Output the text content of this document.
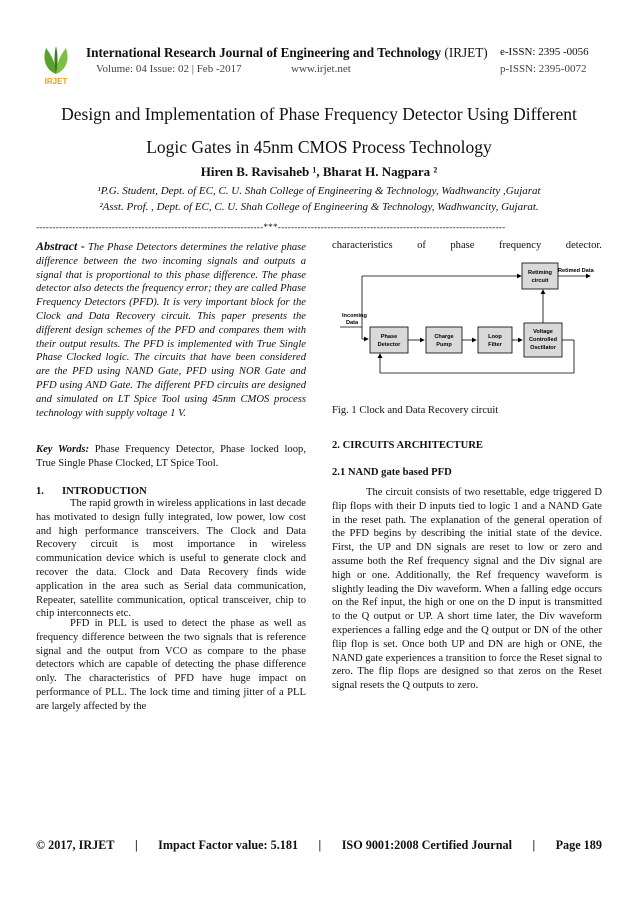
IRJET
International Research Journal of Engineering and Technology (IRJET) e-ISSN: 2395 -0056
Volume: 04 Issue: 02 | Feb -2017	www.irjet.net	p-ISSN: 2395-0072
Design and Implementation of Phase Frequency Detector Using Different
Logic Gates in 45nm CMOS Process Technology
Hiren B. Ravisaheb ¹, Bharat H. Nagpara ²
¹P.G. Student, Dept. of EC, C. U. Shah College of Engineering & Technology, Wadhwancity ,Gujarat
²Asst. Prof. , Dept. of EC, C. U. Shah College of Engineering & Technology, Wadhwancity, Gujarat.
---------------------------------------------------------------------***---------------------------------------------------------------------
Abstract - The Phase Detectors determines the relative phase difference between the two incoming signals and outputs a signal that is proportional to this phase difference. The phase detector also detects the frequency error; they are called Phase Frequency Detectors (PFD). It is very important block for the Clock and Data Recovery circuit. This paper presents the different design schemes of the PFD and compares them with their output results. The PFD is implemented with True Single Phase Clocked logic. The circuits that have been considered are the PFD using NAND Gate, PFD using NOR Gate and PFD using AND Gate. The different PFD circuits are designed and simulated on LT Spice Tool using 45nm CMOS process technology with supply voltage 1 V.
Key Words: Phase Frequency Detector, Phase locked loop, True Single Phase Clocked, LT Spice Tool.
1. INTRODUCTION
The rapid growth in wireless applications in last decade has motivated to design fully integrated, low power, low cost and high performance transceivers. The Clock and Data Recovery circuit is most importance in wireless communication device which is useful to generate clock and recover the data. Clock and Data Recovery finds wide application in the area such as Serial data communication, Repeater, satellite communication, optical transceiver, chip to chip interconnects etc.
PFD in PLL is used to detect the phase as well as frequency difference between the two signals that is reference signal and the output from VCO as compare to the phase detectors which are capable of detecting the phase difference only. The characteristics of PFD have huge impact on performance of PLL. The lock time and timing jitter of a PLL are largely affected by the
characteristics of phase frequency detector.
Retiming
circuit
Retimed Data
Incoming
Data
Phase
Detector
Charge
Pump
Loop
Filter
Voltage
Controlled
Oscillator
Fig. 1 Clock and Data Recovery circuit
2. CIRCUITS ARCHITECTURE
2.1 NAND gate based PFD
The circuit consists of two resettable, edge triggered D flip flops with their D inputs tied to logic 1 and a NAND Gate in the reset path. The explanation of the general operation of the PFD begins by describing the initial state of the device. First, the UP and DN signals are reset to low or zero and assume both the Ref frequency signal and the Div signal are high or one. Additionally, the Ref frequency waveform is slightly leading the Div waveform. When a falling edge occurs on the Ref input, the high or one on the D input is transmitted to the Q output or UP. A short time later, the Div waveform experiences a falling edge and the Q output or DN of the other flip flop is set. Once both UP and DN are high or ONE, the NAND gate experiences a transition to force the Reset signal to zero. The flip flops are designed so that zeros on the Reset signal resets the Q outputs to zero.
© 2017, IRJET | Impact Factor value: 5.181 | ISO 9001:2008 Certified Journal | Page 189
